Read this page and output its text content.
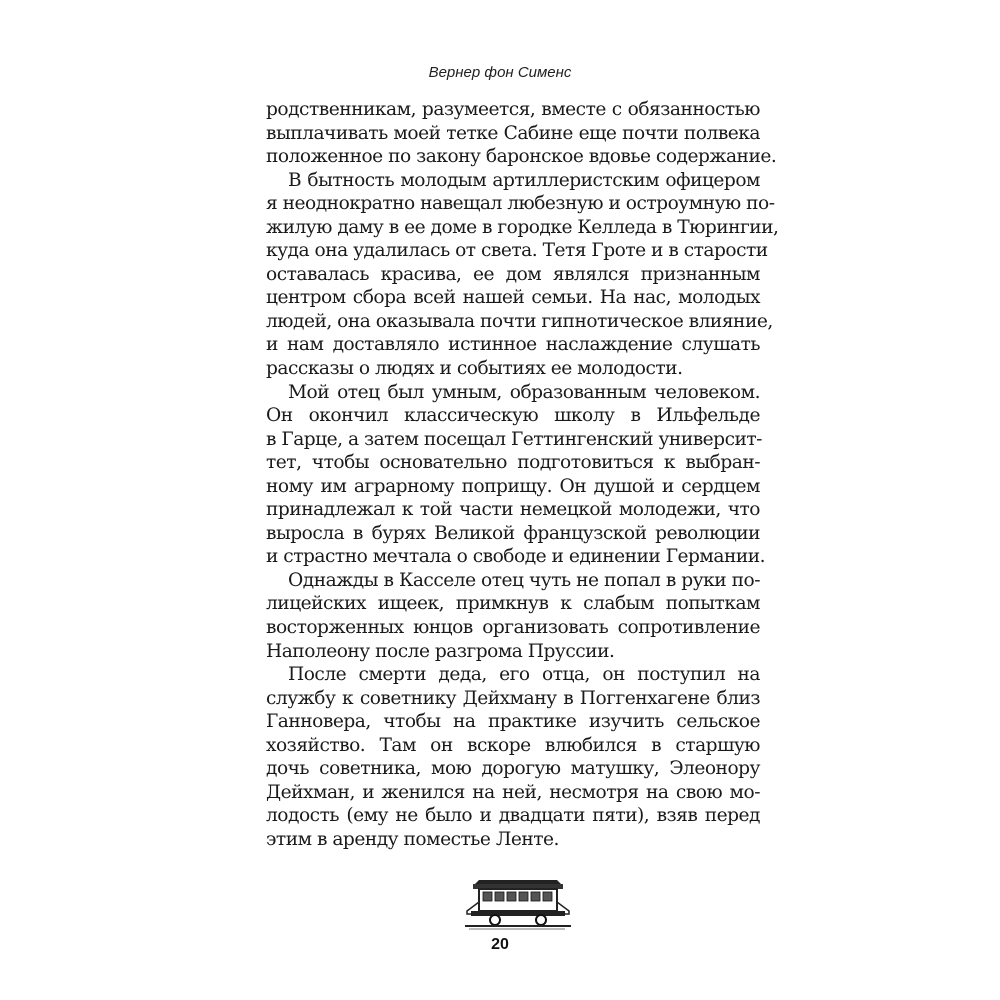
Вернер фон Сименс
родственникам, разумеется, вместе с обязанностью
выплачивать моей тетке Сабине еще почти полвека
положенное по закону баронское вдовье содержание.
В бытность молодым артиллеристским офицером
я неоднократно навещал любезную и остроумную по-
жилую даму в ее доме в городке Келледа в Тюрингии,
куда она удалилась от света. Тетя Гроте и в старости
оставалась красива, ее дом являлся признанным
центром сбора всей нашей семьи. На нас, молодых
людей, она оказывала почти гипнотическое влияние,
и нам доставляло истинное наслаждение слушать
рассказы о людях и событиях ее молодости.
Мой отец был умным, образованным человеком.
Он окончил классическую школу в Ильфельде
в Гарце, а затем посещал Геттингенский университ-
тет, чтобы основательно подготовиться к выбран-
ному им аграрному поприщу. Он душой и сердцем
принадлежал к той части немецкой молодежи, что
выросла в бурях Великой французской революции
и страстно мечтала о свободе и единении Германии.
Однажды в Касселе отец чуть не попал в руки по-
лицейских ищеек, примкнув к слабым попыткам
восторженных юнцов организовать сопротивление
Наполеону после разгрома Пруссии.
После смерти деда, его отца, он поступил на
службу к советнику Дейхману в Поггенхагене близ
Ганновера, чтобы на практике изучить сельское
хозяйство. Там он вскоре влюбился в старшую
дочь советника, мою дорогую матушку, Элеонору
Дейхман, и женился на ней, несмотря на свою мо-
лодость (ему не было и двадцати пяти), взяв перед
этим в аренду поместье Ленте.
20
